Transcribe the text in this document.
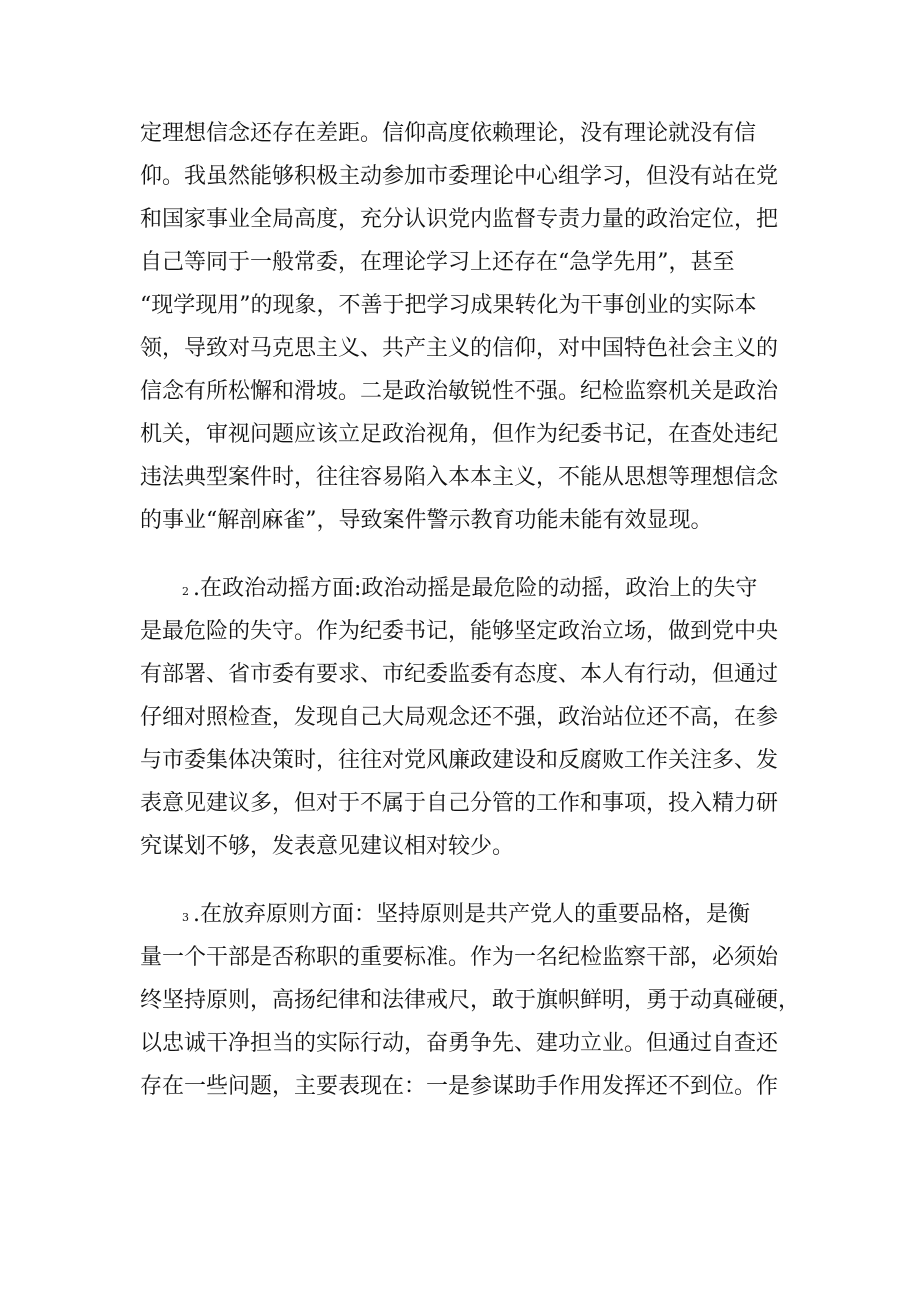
定理想信念还存在差距。信仰高度依赖理论，没有理论就没有信
仰。我虽然能够积极主动参加市委理论中心组学习，但没有站在党
和国家事业全局高度，充分认识党内监督专责力量的政治定位，把
自己等同于一般常委，在理论学习上还存在“急学先用”，甚至
“现学现用”的现象，不善于把学习成果转化为干事创业的实际本
领，导致对马克思主义、共产主义的信仰，对中国特色社会主义的
信念有所松懈和滑坡。二是政治敏锐性不强。纪检监察机关是政治
机关，审视问题应该立足政治视角，但作为纪委书记，在查处违纪
违法典型案件时，往往容易陷入本本主义，不能从思想等理想信念
的事业“解剖麻雀”，导致案件警示教育功能未能有效显现。
2 .在政治动摇方面:政治动摇是最危险的动摇，政治上的失守
是最危险的失守。作为纪委书记，能够坚定政治立场，做到党中央
有部署、省市委有要求、市纪委监委有态度、本人有行动，但通过
仔细对照检查，发现自己大局观念还不强，政治站位还不高，在参
与市委集体决策时，往往对党风廉政建设和反腐败工作关注多、发
表意见建议多，但对于不属于自己分管的工作和事项，投入精力研
究谋划不够，发表意见建议相对较少。
3 .在放弃原则方面：坚持原则是共产党人的重要品格，是衡
量一个干部是否称职的重要标准。作为一名纪检监察干部，必须始
终坚持原则，高扬纪律和法律戒尺，敢于旗帜鲜明，勇于动真碰硬，
以忠诚干净担当的实际行动，奋勇争先、建功立业。但通过自查还
存在一些问题，主要表现在：一是参谋助手作用发挥还不到位。作
